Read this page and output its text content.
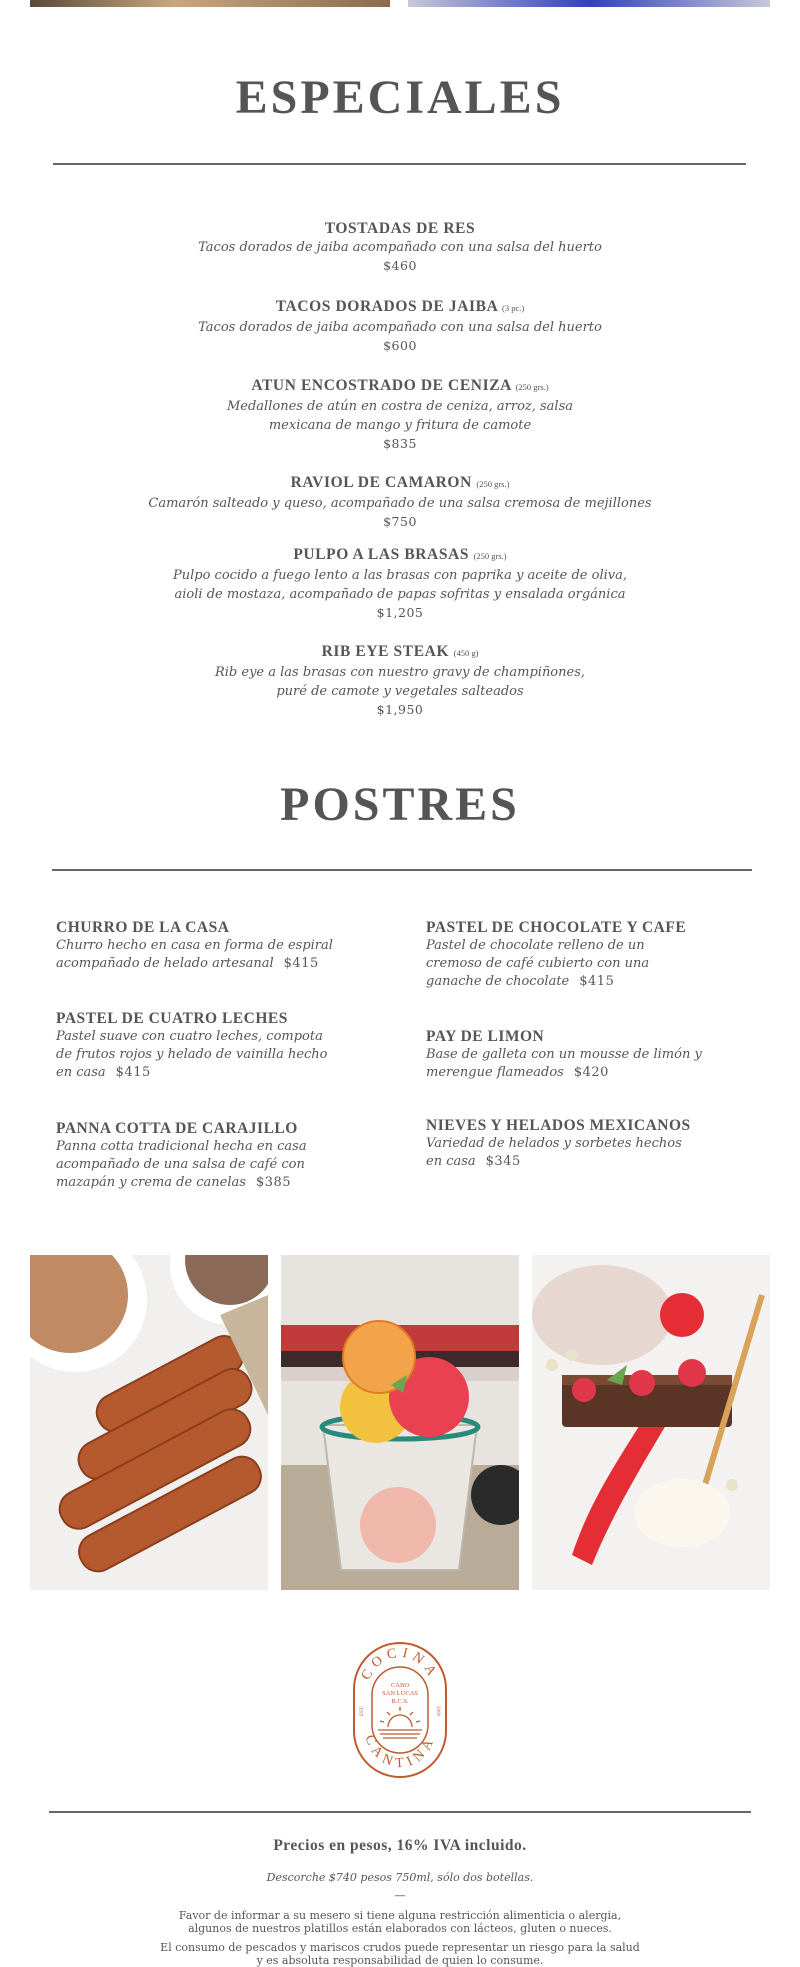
ESPECIALES
TOSTADAS DE RES
Tacos dorados de jaiba acompañado con una salsa del huerto
$460
TACOS DORADOS DE JAIBA (3 pc.)
Tacos dorados de jaiba acompañado con una salsa del huerto
$600
ATUN ENCOSTRADO DE CENIZA (250 grs.)
Medallones de atún en costra de ceniza, arroz, salsa
mexicana de mango y fritura de camote
$835
RAVIOL DE CAMARON (250 grs.)
Camarón salteado y queso, acompañado de una salsa cremosa de mejillones
$750
PULPO A LAS BRASAS (250 grs.)
Pulpo cocido a fuego lento a las brasas con paprika y aceite de oliva,
aioli de mostaza, acompañado de papas sofritas y ensalada orgánica
$1,205
RIB EYE STEAK (450 g)
Rib eye a las brasas con nuestro gravy de champiñones,
puré de camote y vegetales salteados
$1,950
POSTRES
CHURRO DE LA CASA
Churro hecho en casa en forma de espiral
acompañado de helado artesanal $415
PASTEL DE CUATRO LECHES
Pastel suave con cuatro leches, compota
de frutos rojos y helado de vainilla hecho
en casa $415
PANNA COTTA DE CARAJILLO
Panna cotta tradicional hecha en casa
acompañado de una salsa de café con
mazapán y crema de canelas $385
PASTEL DE CHOCOLATE Y CAFE
Pastel de chocolate relleno de un
cremoso de café cubierto con una
ganache de chocolate $415
PAY DE LIMON
Base de galleta con un mousse de limón y
merengue flameados $420
NIEVES Y HELADOS MEXICANOS
Variedad de helados y sorbetes hechos
en casa $345
COCINA
CANTINA
CABO
SAN LUCAS
B.C.S.
EST.	2009
Precios en pesos, 16% IVA incluido.
Descorche $740 pesos 750ml, sólo dos botellas.
—
Favor de informar a su mesero si tiene alguna restricción alimenticia o alergia,
algunos de nuestros platillos están elaborados con lácteos, gluten o nueces.
El consumo de pescados y mariscos crudos puede representar un riesgo para la salud
y es absoluta responsabilidad de quien lo consume.
